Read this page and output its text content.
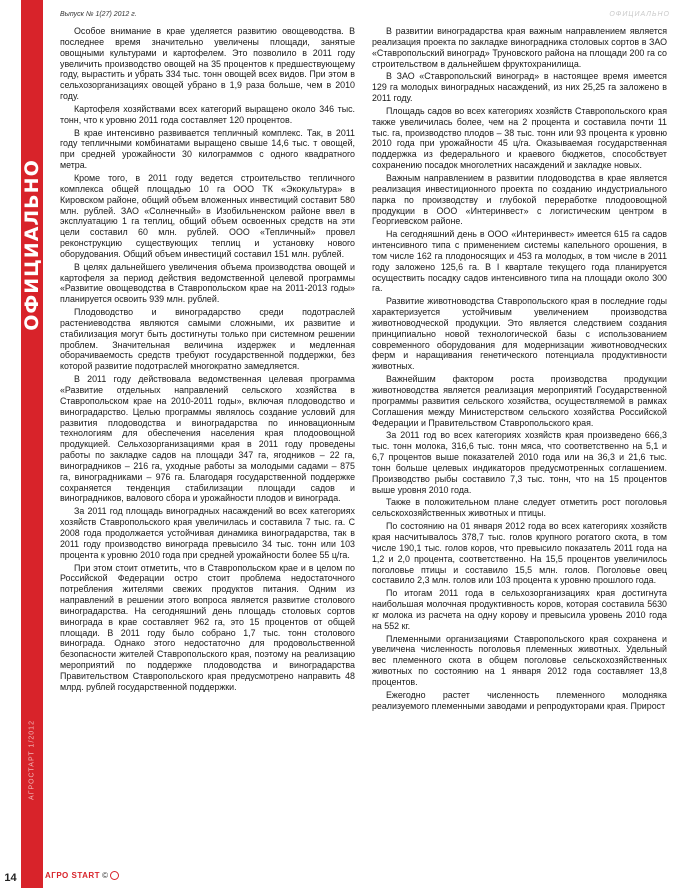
ОФИЦИАЛЬНО
АГРОСТАРТ 1/2012
14
Выпуск № 1(27) 2012 г.	ОФИЦИАЛЬНО

Особое внимание в крае уделяется развитию овощеводства. В последнее время значительно увеличены площади, занятые овощными культурами и картофелем. Это позволило в 2011 году увеличить производство овощей на 35 процентов к предшествующему году, вырастить и убрать 334 тыс. тонн овощей всех видов. При этом в сельхозорганизациях овощей убрано в 1,9 раза больше, чем в 2010 году.

Картофеля хозяйствами всех категорий выращено около 346 тыс. тонн, что к уровню 2011 года составляет 120 процентов.

В крае интенсивно развивается тепличный комплекс. Так, в 2011 году тепличными комбинатами выращено свыше 14,6 тыс. т овощей, при средней урожайности 30 килограммов с одного квадратного метра.

Кроме того, в 2011 году ведется строительство тепличного комплекса общей площадью 10 га ООО ТК «Экокультура» в Кировском районе, общий объем вложенных инвестиций составит 580 млн. рублей. ЗАО «Солнечный» в Изобильненском районе ввел в эксплуатацию 1 га теплиц, общий объем освоенных средств на эти цели составил 60 млн. рублей. ООО «Тепличный» провел реконструкцию существующих теплиц и установку нового оборудования. Общий объем инвестиций составил 151 млн. рублей.

В целях дальнейшего увеличения объема производства овощей и картофеля за период действия ведомственной целевой программы «Развитие овощеводства в Ставропольском крае на 2011-2013 годы» планируется освоить 939 млн. рублей.

Плодоводство и виноградарство среди подотраслей растениеводства являются самыми сложными, их развитие и стабилизация могут быть достигнуты только при системном решении проблем. Значительная величина издержек и медленная оборачиваемость средств требуют государственной поддержки, без которой развитие подотраслей многократно замедляется.

В 2011 году действовала ведомственная целевая программа «Развитие отдельных направлений сельского хозяйства в Ставропольском крае на 2010-2011 годы», включая плодоводство и виноградарство. Целью программы являлось создание условий для развития плодоводства и виноградарства по инновационным технологиям для обеспечения населения края плодоовощной продукцией. Сельхозорганизациями края в 2011 году проведены работы по закладке садов на площади 347 га, ягодников – 22 га, виноградников – 216 га, уходные работы за молодыми садами – 875 га, виноградниками – 976 га. Благодаря государственной поддержке сохраняется тенденция стабилизации площади садов и виноградников, валового сбора и урожайности плодов и винограда.

За 2011 год площадь виноградных насаждений во всех категориях хозяйств Ставропольского края увеличилась и составила 7 тыс. га. С 2008 года продолжается устойчивая динамика виноградарства, так в 2011 году производство винограда превысило 34 тыс. тонн или 103 процента к уровню 2010 года при средней урожайности более 55 ц/га.

При этом стоит отметить, что в Ставропольском крае и в целом по Российской Федерации остро стоит проблема недостаточного потребления жителями свежих продуктов питания. Одним из направлений в решении этого вопроса является развитие столового виноградарства. На сегодняшний день площадь столовых сортов винограда в крае составляет 962 га, это 15 процентов от общей площади. В 2011 году было собрано 1,7 тыс. тонн столового винограда. Однако этого недостаточно для продовольственной безопасности жителей Ставропольского края, поэтому на реализацию мероприятий по поддержке плодоводства и виноградарства Правительством Ставропольского края предусмотрено направить 48 млрд. рублей государственной поддержки.

В развитии виноградарства края важным направлением является реализация проекта по закладке виноградника столовых сортов в ЗАО «Ставропольский виноград» Труновского района на площади 200 га со строительством в дальнейшем фруктохранилища.

В ЗАО «Ставропольский виноград» в настоящее время имеется 129 га молодых виноградных насаждений, из них 25,25 га заложено в 2011 году.

Площадь садов во всех категориях хозяйств Ставропольского края также увеличилась более, чем на 2 процента и составила почти 11 тыс. га, производство плодов – 38 тыс. тонн или 93 процента к уровню 2010 года при урожайности 45 ц/га. Оказываемая государственная поддержка из федерального и краевого бюджетов, способствует сохранению посадок многолетних насаждений и закладке новых.

Важным направлением в развитии плодоводства в крае является реализация инвестиционного проекта по созданию индустриального парка по производству и глубокой переработке плодоовощной продукции в ООО «Интеринвест» с логистическим центром в Георгиевском районе.

На сегодняшний день в ООО «Интеринвест» имеется 615 га садов интенсивного типа с применением системы капельного орошения, в том числе 162 га плодоносящих и 453 га молодых, в том числе в 2011 году заложено 125,6 га. В I квартале текущего года планируется осуществить посадку садов интенсивного типа на площади около 300 га.

Развитие животноводства Ставропольского края в последние годы характеризуется устойчивым увеличением производства животноводческой продукции. Это является следствием создания принципиально новой технологической базы с использованием современного оборудования для модернизации животноводческих ферм и наращивания генетического потенциала продуктивности животных.

Важнейшим фактором роста производства продукции животноводства является реализация мероприятий Государственной программы развития сельского хозяйства, осуществляемой в рамках Соглашения между Министерством сельского хозяйства Российской Федерации и Правительством Ставропольского края.

За 2011 год во всех категориях хозяйств края произведено 666,3 тыс. тонн молока, 316,6 тыс. тонн мяса, что соответственно на 5,1 и 6,7 процентов выше показателей 2010 года или на 36,3 и 21,6 тыс. тонн больше целевых индикаторов предусмотренных соглашением. Производство рыбы составило 7,3 тыс. тонн, что на 15 процентов выше уровня 2010 года.

Также в положительном плане следует отметить рост поголовья сельскохозяйственных животных и птицы.

По состоянию на 01 января 2012 года во всех категориях хозяйств края насчитывалось 378,7 тыс. голов крупного рогатого скота, в том числе 190,1 тыс. голов коров, что превысило показатель 2011 года на 1,2 и 2,0 процента, соответственно. На 15,5 процентов увеличилось поголовье птицы и составило 15,5 млн. голов. Поголовье овец составило 2,3 млн. голов или 103 процента к уровню прошлого года.

По итогам 2011 года в сельхозорганизациях края достигнута наибольшая молочная продуктивность коров, которая составила 5630 кг молока из расчета на одну корову и превысила уровень 2010 года на 552 кг.

Племенными организациями Ставропольского края сохранена и увеличена численность поголовья племенных животных. Удельный вес племенного скота в общем поголовье сельскохозяйственных животных по состоянию на 1 января 2012 года составляет 13,8 процентов.

Ежегодно растет численность племенного молодняка реализуемого племенными заводами и репродукторами края. Прирост

АГРО START ©
